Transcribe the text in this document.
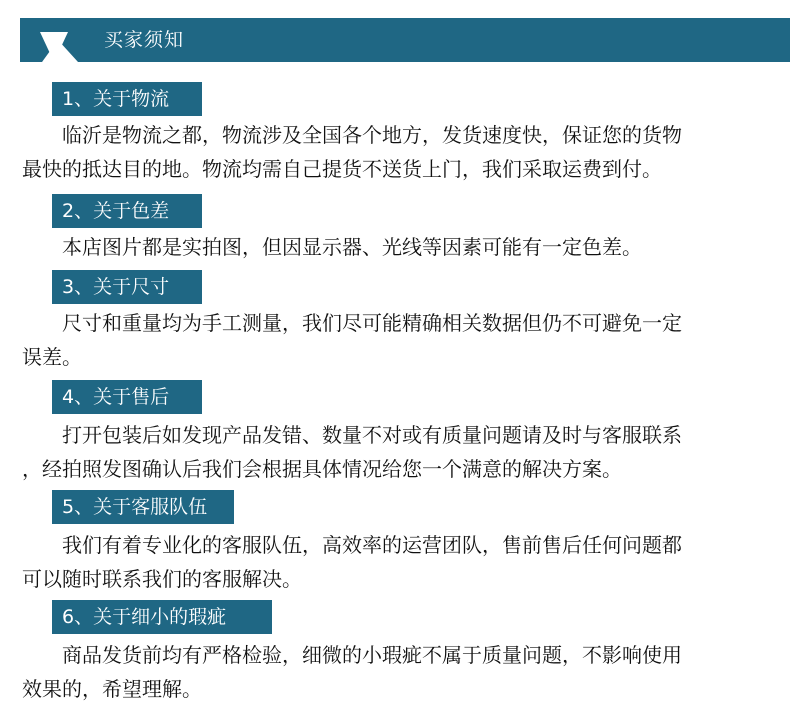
买家须知
1、关于物流
临沂是物流之都，物流涉及全国各个地方，发货速度快，保证您的货物
最快的抵达目的地。物流均需自己提货不送货上门，我们采取运费到付。
2、关于色差
本店图片都是实拍图，但因显示器、光线等因素可能有一定色差。
3、关于尺寸
尺寸和重量均为手工测量，我们尽可能精确相关数据但仍不可避免一定
误差。
4、关于售后
打开包装后如发现产品发错、数量不对或有质量问题请及时与客服联系
，经拍照发图确认后我们会根据具体情况给您一个满意的解决方案。
5、关于客服队伍
我们有着专业化的客服队伍，高效率的运营团队，售前售后任何问题都
可以随时联系我们的客服解决。
6、关于细小的瑕疵
商品发货前均有严格检验，细微的小瑕疵不属于质量问题，不影响使用
效果的，希望理解。
